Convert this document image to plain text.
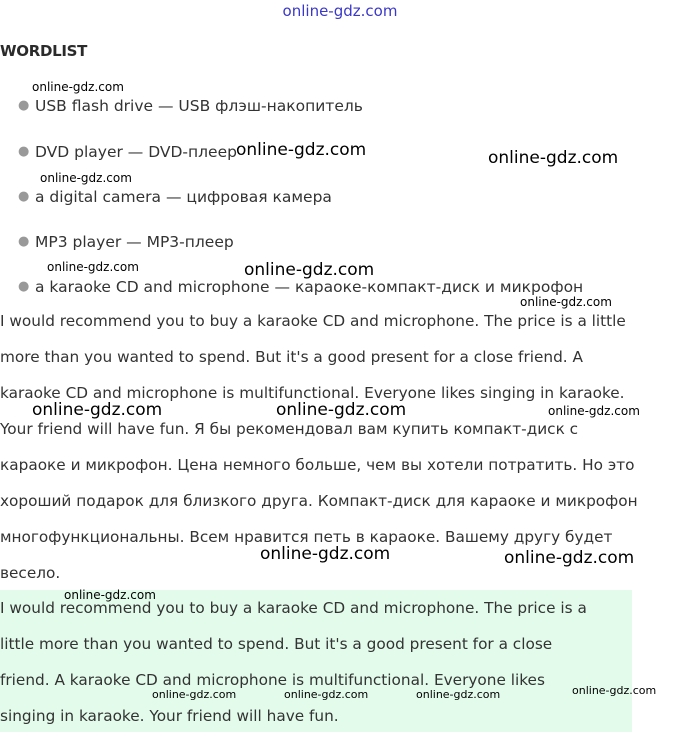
online-gdz.com
WORDLIST
● USB flash drive — USB флэш-накопитель
● DVD player — DVD-плеер
● a digital camera — цифровая камера
● MP3 player — MP3-плеер
● a karaoke CD and microphone — караоке-компакт-диск и микрофон
I would recommend you to buy a karaoke CD and microphone. The price is a little
more than you wanted to spend. But it's a good present for a close friend. A
karaoke CD and microphone is multifunctional. Everyone likes singing in karaoke.
Your friend will have fun. Я бы рекомендовал вам купить компакт-диск с
караоке и микрофон. Цена немного больше, чем вы хотели потратить. Но это
хороший подарок для близкого друга. Компакт-диск для караоке и микрофон
многофункциональны. Всем нравится петь в караоке. Вашему другу будет
весело.
I would recommend you to buy a karaoke CD and microphone. The price is a
little more than you wanted to spend. But it's a good present for a close
friend. A karaoke CD and microphone is multifunctional. Everyone likes
singing in karaoke. Your friend will have fun.
online-gdz.com
online-gdz.com	online-gdz.com
online-gdz.com
online-gdz.com	online-gdz.com
online-gdz.com
online-gdz.com	online-gdz.com	online-gdz.com
online-gdz.com	online-gdz.com
online-gdz.com
online-gdz.com	online-gdz.com	online-gdz.com	online-gdz.com
